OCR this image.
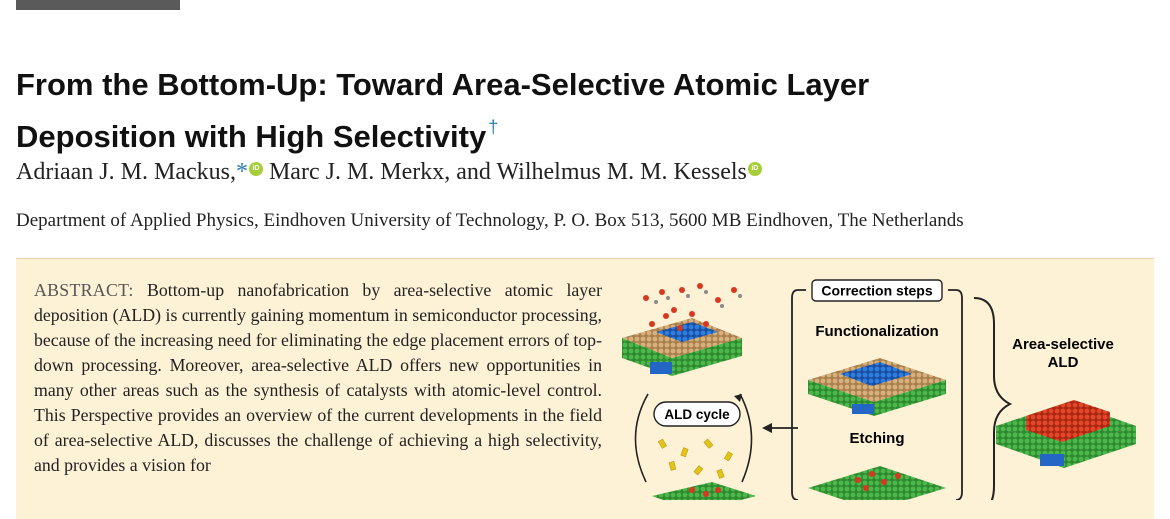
From the Bottom-Up: Toward Area-Selective Atomic Layer
Deposition with High Selectivity †
Adriaan J. M. Mackus,* iD Marc J. M. Merkx, and Wilhelmus M. M. Kessels iD
Department of Applied Physics, Eindhoven University of Technology, P. O. Box 513, 5600 MB Eindhoven, The Netherlands
ABSTRACT: Bottom-up nanofabrication by area-selective atomic layer deposition (ALD) is currently gaining momentum in semiconductor processing, because of the increasing need for eliminating the edge placement errors of top-down processing. Moreover, area-selective ALD offers new opportunities in many other areas such as the synthesis of catalysts with atomic-level control. This Perspective provides an overview of the current developments in the field of area-selective ALD, discusses the challenge of achieving a high selectivity, and provides a vision for
ALD cycle
Correction steps
Functionalization
Etching
Area-selective
ALD
